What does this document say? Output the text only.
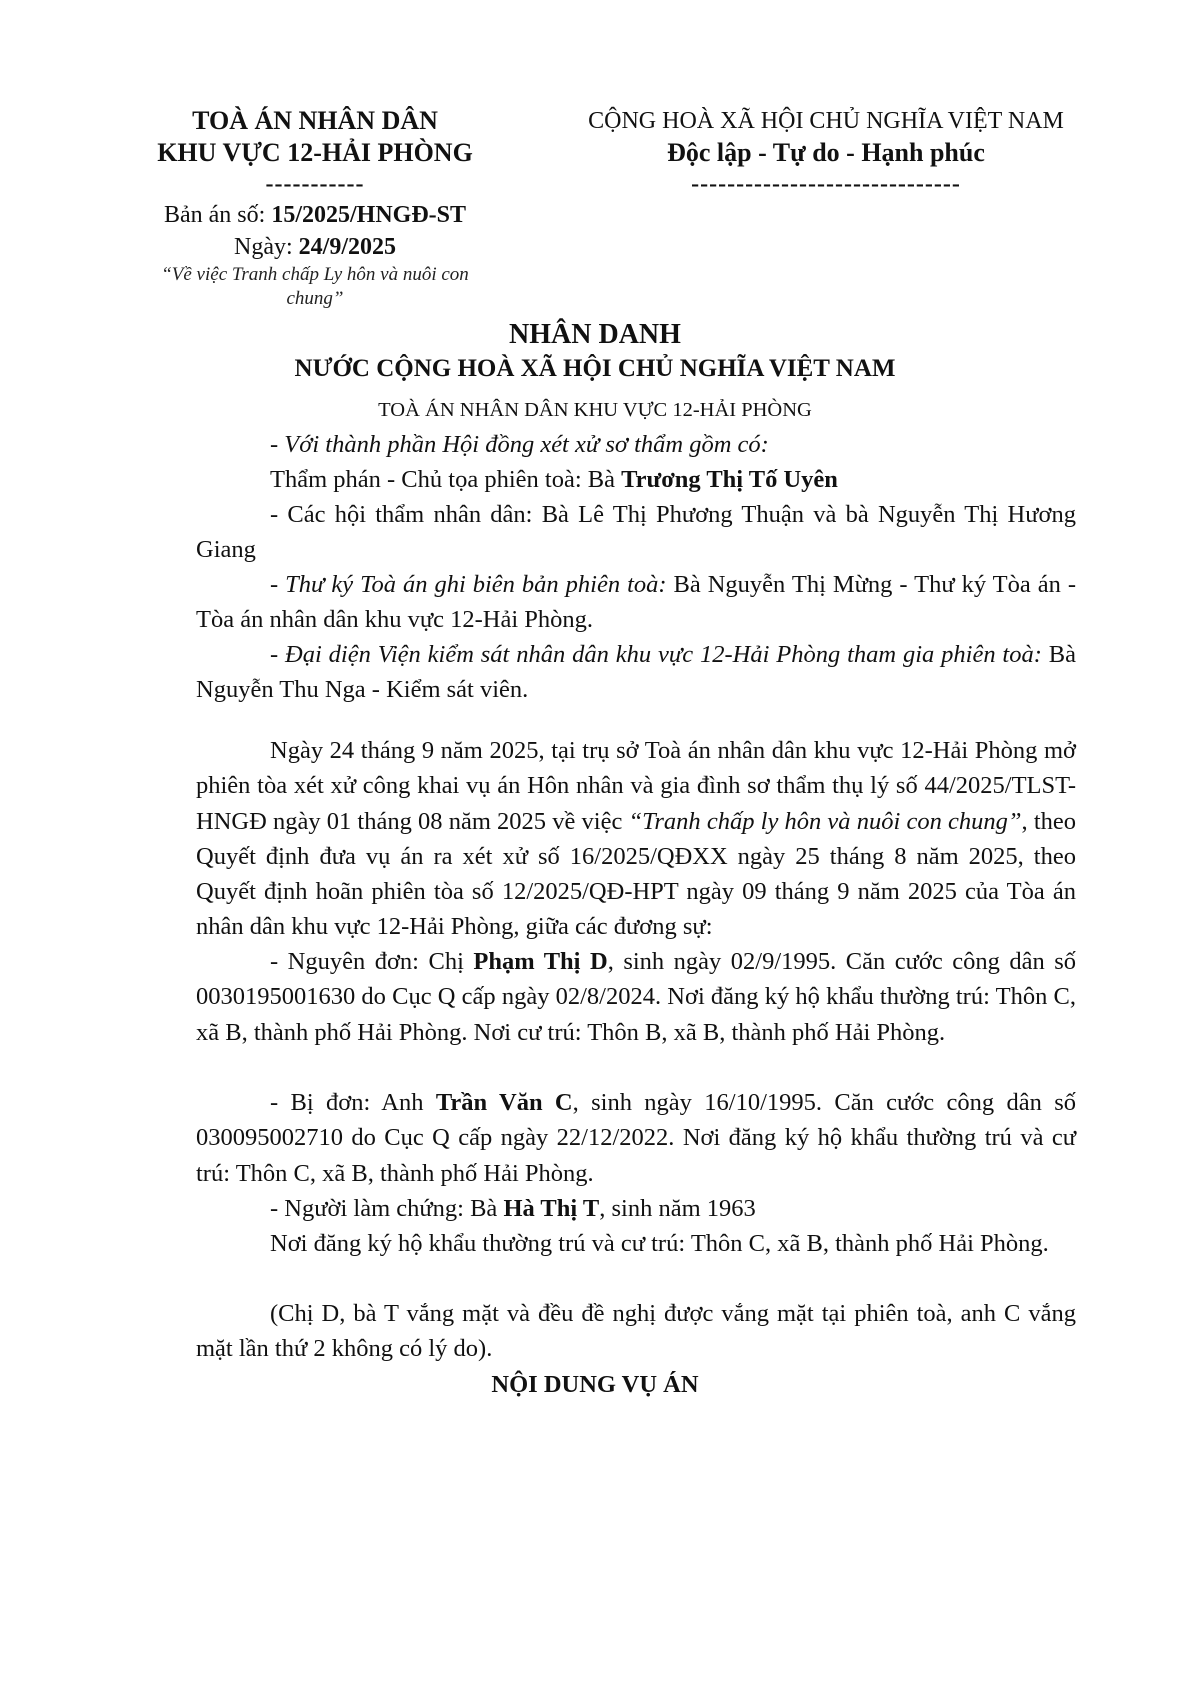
TOÀ ÁN NHÂN DÂN
KHU VỰC 12-HẢI PHÒNG
-----------
Bản án số: 15/2025/HNGĐ-ST
Ngày: 24/9/2025
“Về việc Tranh chấp Ly hôn và nuôi con
chung”
CỘNG HOÀ XÃ HỘI CHỦ NGHĨA VIỆT NAM
Độc lập - Tự do - Hạnh phúc
------------------------------
NHÂN DANH
NƯỚC CỘNG HOÀ XÃ HỘI CHỦ NGHĨA VIỆT NAM
TOÀ ÁN NHÂN DÂN KHU VỰC 12-HẢI PHÒNG
- Với thành phần Hội đồng xét xử sơ thẩm gồm có:
Thẩm phán - Chủ tọa phiên toà: Bà Trương Thị Tố Uyên
- Các hội thẩm nhân dân: Bà Lê Thị Phương Thuận và bà Nguyễn Thị Hương Giang
- Thư ký Toà án ghi biên bản phiên toà: Bà Nguyễn Thị Mừng - Thư ký Tòa án - Tòa án nhân dân khu vực 12-Hải Phòng.
- Đại diện Viện kiểm sát nhân dân khu vực 12-Hải Phòng tham gia phiên toà: Bà Nguyễn Thu Nga - Kiểm sát viên.
Ngày 24 tháng 9 năm 2025, tại trụ sở Toà án nhân dân khu vực 12-Hải Phòng mở phiên tòa xét xử công khai vụ án Hôn nhân và gia đình sơ thẩm thụ lý số 44/2025/TLST-HNGĐ ngày 01 tháng 08 năm 2025 về việc “Tranh chấp ly hôn và nuôi con chung”, theo Quyết định đưa vụ án ra xét xử số 16/2025/QĐXX ngày 25 tháng 8 năm 2025, theo Quyết định hoãn phiên tòa số 12/2025/QĐ-HPT ngày 09 tháng 9 năm 2025 của Tòa án nhân dân khu vực 12-Hải Phòng, giữa các đương sự:
- Nguyên đơn: Chị Phạm Thị D, sinh ngày 02/9/1995. Căn cước công dân số 0030195001630 do Cục Q cấp ngày 02/8/2024. Nơi đăng ký hộ khẩu thường trú: Thôn C, xã B, thành phố Hải Phòng. Nơi cư trú: Thôn B, xã B, thành phố Hải Phòng.
- Bị đơn: Anh Trần Văn C, sinh ngày 16/10/1995. Căn cước công dân số 030095002710 do Cục Q cấp ngày 22/12/2022. Nơi đăng ký hộ khẩu thường trú và cư trú: Thôn C, xã B, thành phố Hải Phòng.
- Người làm chứng: Bà Hà Thị T, sinh năm 1963
Nơi đăng ký hộ khẩu thường trú và cư trú: Thôn C, xã B, thành phố Hải Phòng.
(Chị D, bà T vắng mặt và đều đề nghị được vắng mặt tại phiên toà, anh C vắng mặt lần thứ 2 không có lý do).
NỘI DUNG VỤ ÁN
